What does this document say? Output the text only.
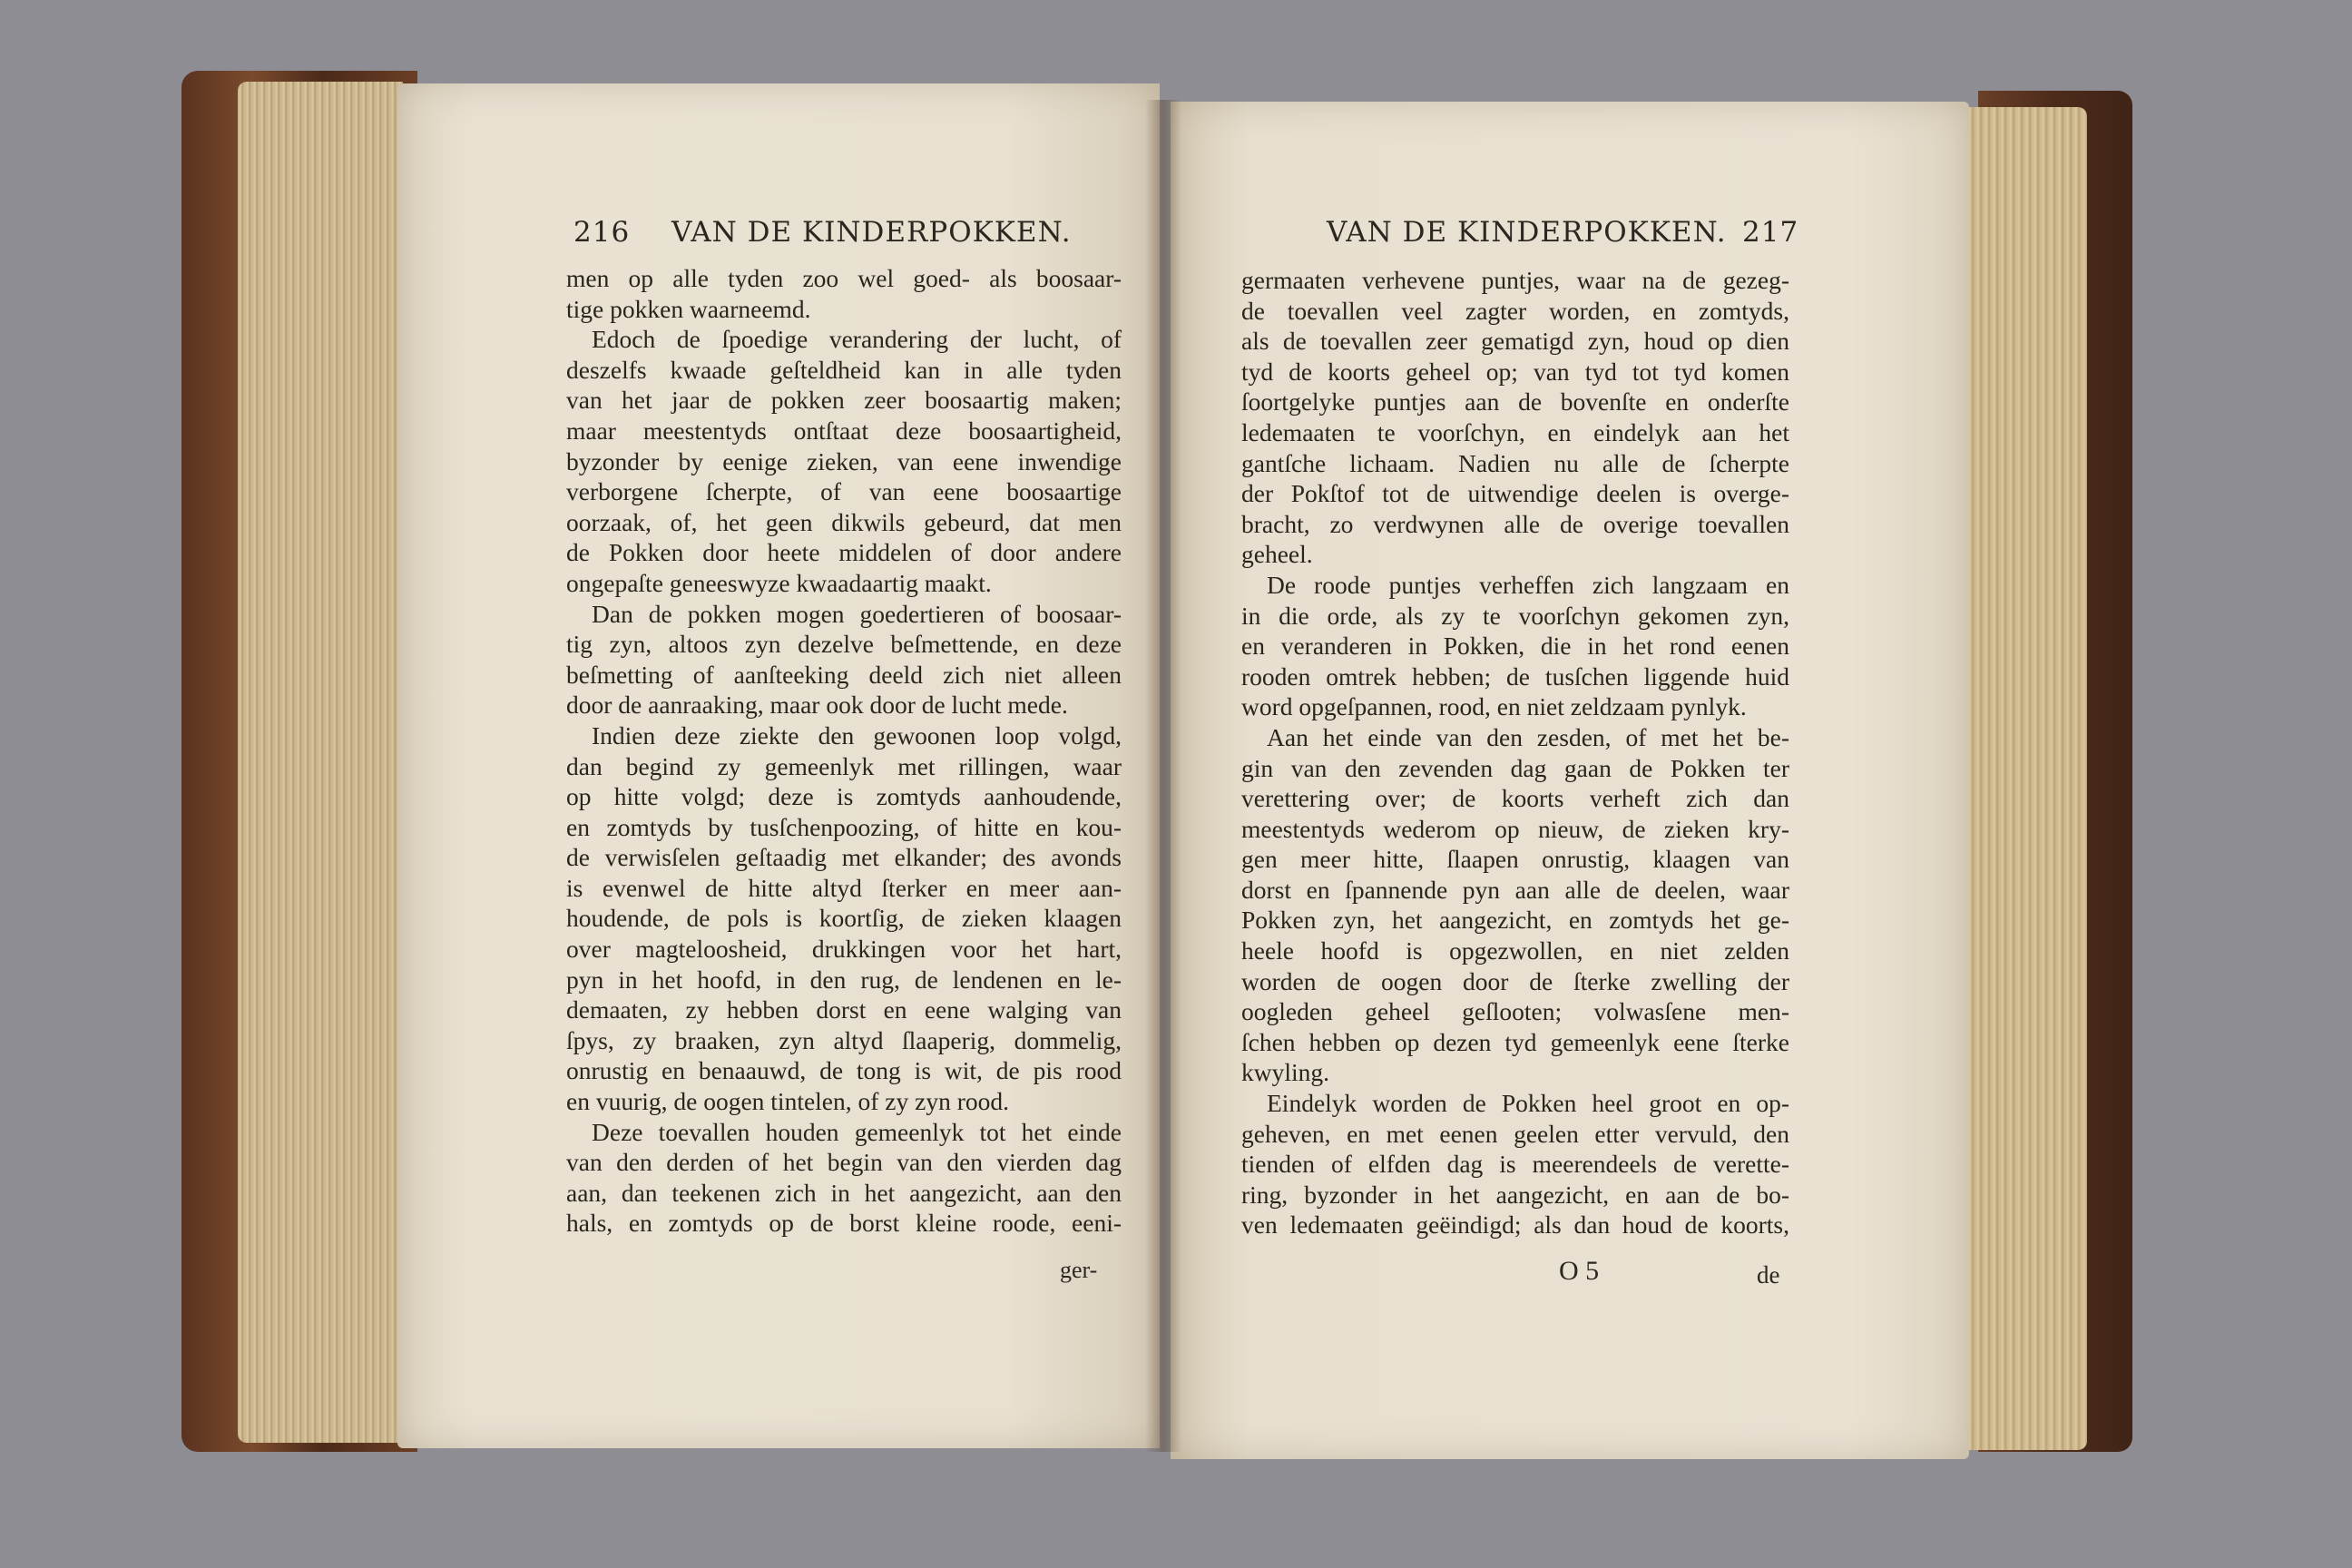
216 VAN DE KINDERPOKKEN.	VAN DE KINDERPOKKEN. 217
men op alle tyden zoo wel goed- als boosaar-
tige pokken waarneemd.
Edoch de ſpoedige verandering der lucht, of
deszelfs kwaade geſteldheid kan in alle tyden
van het jaar de pokken zeer boosaartig maken;
maar meestentyds ontſtaat deze boosaartigheid,
byzonder by eenige zieken, van eene inwendige
verborgene ſcherpte, of van eene boosaartige
oorzaak, of, het geen dikwils gebeurd, dat men
de Pokken door heete middelen of door andere
ongepaſte geneeswyze kwaadaartig maakt.
Dan de pokken mogen goedertieren of boosaar-
tig zyn, altoos zyn dezelve beſmettende, en deze
beſmetting of aanſteeking deeld zich niet alleen
door de aanraaking, maar ook door de lucht mede.
Indien deze ziekte den gewoonen loop volgd,
dan begind zy gemeenlyk met rillingen, waar
op hitte volgd; deze is zomtyds aanhoudende,
en zomtyds by tusſchenpoozing, of hitte en kou-
de verwisſelen geſtaadig met elkander; des avonds
is evenwel de hitte altyd ſterker en meer aan-
houdende, de pols is koortſig, de zieken klaagen
over magteloosheid, drukkingen voor het hart,
pyn in het hoofd, in den rug, de lendenen en le-
demaaten, zy hebben dorst en eene walging van
ſpys, zy braaken, zyn altyd ſlaaperig, dommelig,
onrustig en benaauwd, de tong is wit, de pis rood
en vuurig, de oogen tintelen, of zy zyn rood.
Deze toevallen houden gemeenlyk tot het einde
van den derden of het begin van den vierden dag
aan, dan teekenen zich in het aangezicht, aan den
hals, en zomtyds op de borst kleine roode, eeni-
ger-
germaaten verhevene puntjes, waar na de gezeg-
de toevallen veel zagter worden, en zomtyds,
als de toevallen zeer gematigd zyn, houd op dien
tyd de koorts geheel op; van tyd tot tyd komen
ſoortgelyke puntjes aan de bovenſte en onderſte
ledemaaten te voorſchyn, en eindelyk aan het
gantſche lichaam. Nadien nu alle de ſcherpte
der Pokſtof tot de uitwendige deelen is overge-
bracht, zo verdwynen alle de overige toevallen
geheel.
De roode puntjes verheffen zich langzaam en
in die orde, als zy te voorſchyn gekomen zyn,
en veranderen in Pokken, die in het rond eenen
rooden omtrek hebben; de tusſchen liggende huid
word opgeſpannen, rood, en niet zeldzaam pynlyk.
Aan het einde van den zesden, of met het be-
gin van den zevenden dag gaan de Pokken ter
verettering over; de koorts verheft zich dan
meestentyds wederom op nieuw, de zieken kry-
gen meer hitte, ſlaapen onrustig, klaagen van
dorst en ſpannende pyn aan alle de deelen, waar
Pokken zyn, het aangezicht, en zomtyds het ge-
heele hoofd is opgezwollen, en niet zelden
worden de oogen door de ſterke zwelling der
oogleden geheel geſlooten; volwasſene men-
ſchen hebben op dezen tyd gemeenlyk eene ſterke
kwyling.
Eindelyk worden de Pokken heel groot en op-
geheven, en met eenen geelen etter vervuld, den
tienden of elfden dag is meerendeels de verette-
ring, byzonder in het aangezicht, en aan de bo-
ven ledemaaten geëindigd; als dan houd de koorts,
O 5	de
